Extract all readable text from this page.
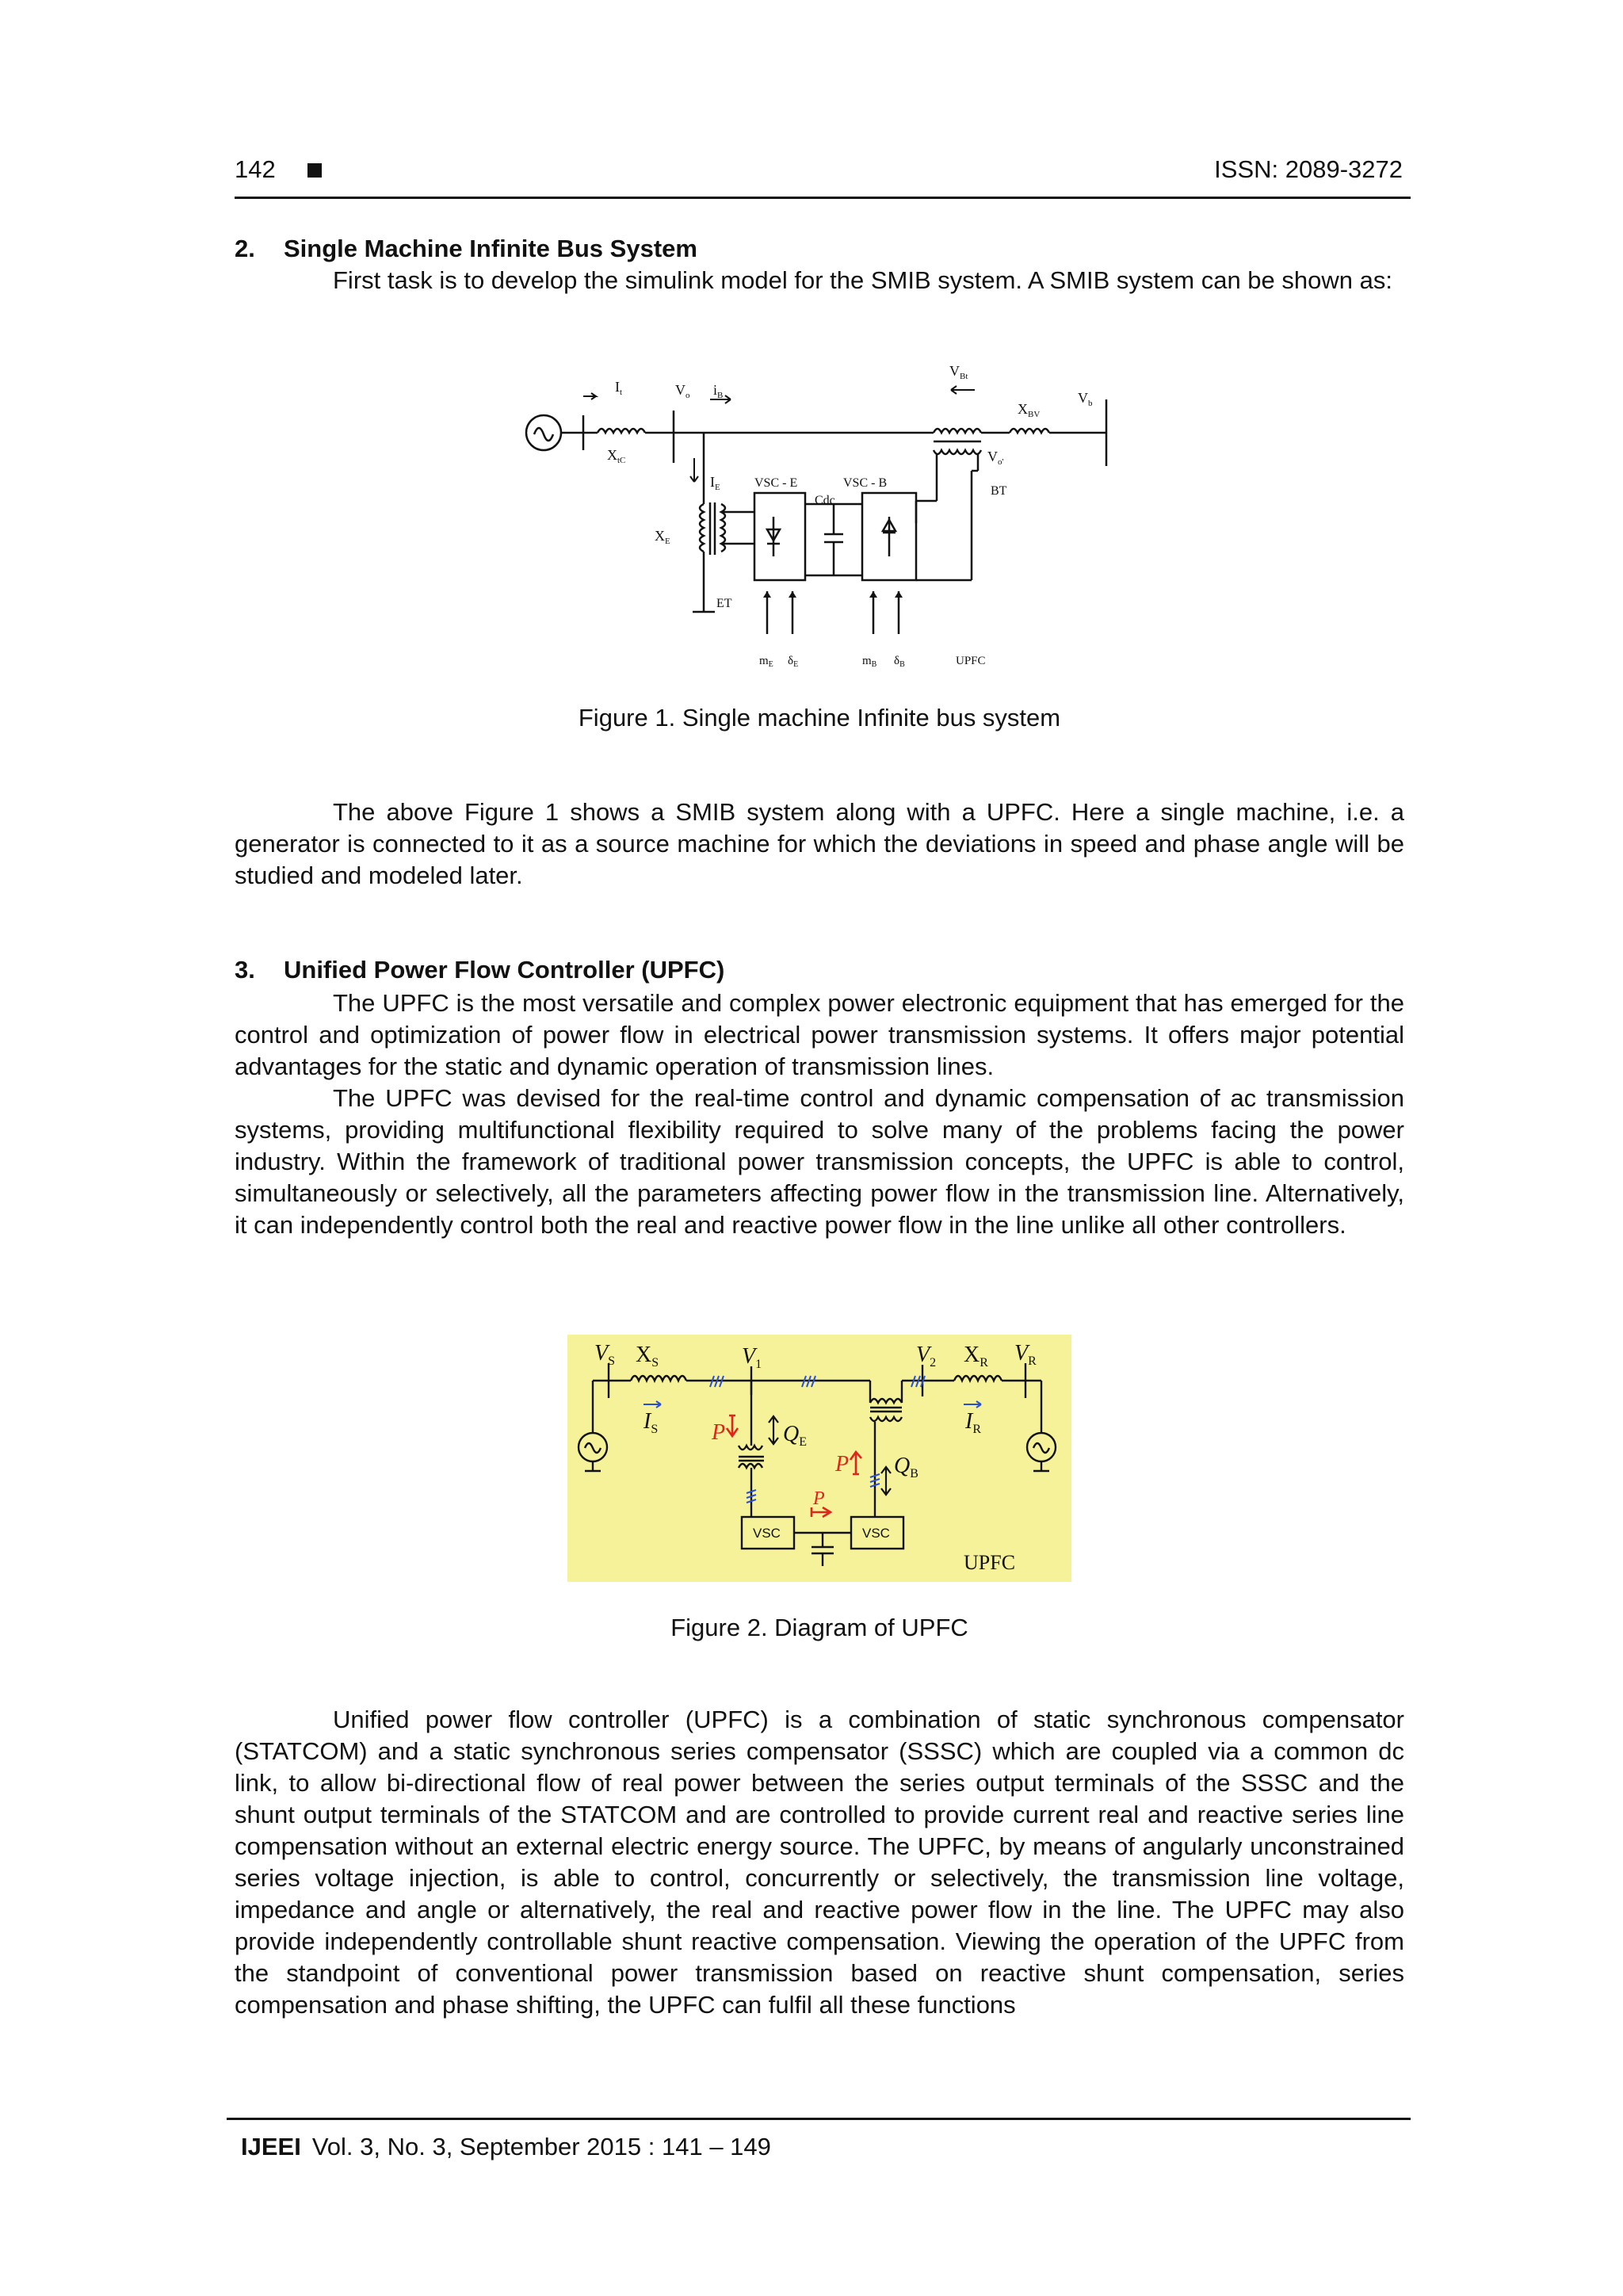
142	ISSN: 2089-3272
2. Single Machine Infinite Bus System

First task is to develop the simulink model for the SMIB system. A SMIB system can be shown as:

$I_t$	$V_o$ $i_B$
$V_{Bt}$
$X_{BV}$
$V_b$
$X_{tC}$	$V_{o'}$
$I_E$	VSC - E	VSC - B
Cdc
BT
$X_E$
ET
$m_E$ $\delta_E$	$m_B$ $\delta_B$	UPFC
Figure 1. Single machine Infinite bus system

The above Figure 1 shows a SMIB system along with a UPFC. Here a single machine, i.e. a generator is connected to it as a source machine for which the deviations in speed and phase angle will be studied and modeled later.

3. Unified Power Flow Controller (UPFC)

The UPFC is the most versatile and complex power electronic equipment that has emerged for the control and optimization of power flow in electrical power transmission systems. It offers major potential advantages for the static and dynamic operation of transmission lines.

The UPFC was devised for the real-time control and dynamic compensation of ac transmission systems, providing multifunctional flexibility required to solve many of the problems facing the power industry. Within the framework of traditional power transmission concepts, the UPFC is able to control, simultaneously or selectively, all the parameters affecting power flow in the transmission line. Alternatively, it can independently control both the real and reactive power flow in the line unlike all other controllers.

$V_S$ $X_S$	$V_1$	$V_2$ $X_R$ $V_R$
$I_S$	$I_R$
P	$Q_E$
P $Q_B$
P
VSC	VSC
UPFC
Figure 2. Diagram of UPFC

Unified power flow controller (UPFC) is a combination of static synchronous compensator (STATCOM) and a static synchronous series compensator (SSSC) which are coupled via a common dc link, to allow bi-directional flow of real power between the series output terminals of the SSSC and the shunt output terminals of the STATCOM and are controlled to provide current real and reactive series line compensation without an external electric energy source. The UPFC, by means of angularly unconstrained series voltage injection, is able to control, concurrently or selectively, the transmission line voltage, impedance and angle or alternatively, the real and reactive power flow in the line. The UPFC may also provide independently controllable shunt reactive compensation. Viewing the operation of the UPFC from the standpoint of conventional power transmission based on reactive shunt compensation, series compensation and phase shifting, the UPFC can fulfil all these functions

IJEEI Vol. 3, No. 3, September 2015 : 141 – 149
